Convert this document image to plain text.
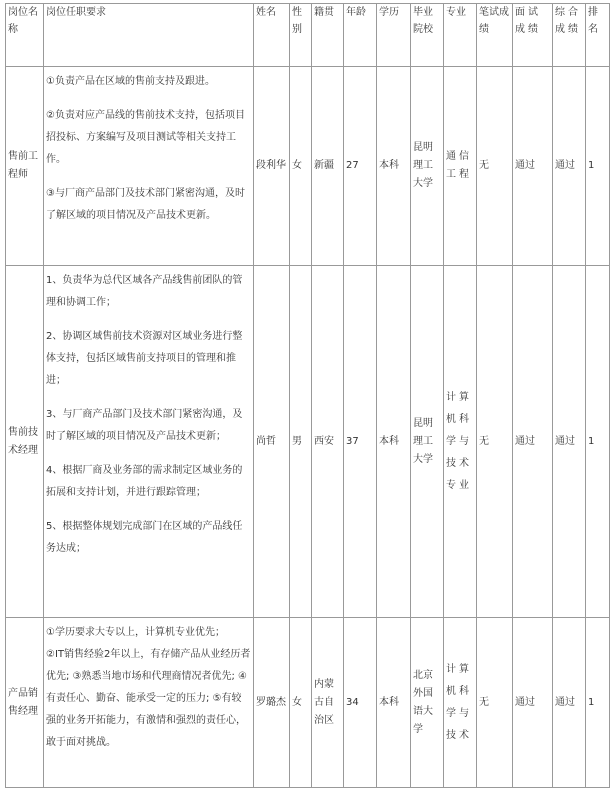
岗位名称	岗位任职要求	姓名	性别	籍贯	年龄	学历	毕业院校	专业	笔试成绩	面试成绩	综合成绩	排名
售前工程师	①负责产品在区域的售前支持及跟进。

②负责对应产品线的售前技术支持，包括项目招投标、方案编写及项目测试等相关支持工作。

③与厂商产品部门及技术部门紧密沟通，及时了解区域的项目情况及产品技术更新。	段利华	女	新疆	27	本科	昆明理工大学	通信工程	无	通过	通过	1
售前技术经理	1、负责华为总代区域各产品线售前团队的管理和协调工作；

2、协调区域售前技术资源对区域业务进行整体支持，包括区域售前支持项目的管理和推进；

3、与厂商产品部门及技术部门紧密沟通，及时了解区域的项目情况及产品技术更新；

4、根据厂商及业务部的需求制定区域业务的拓展和支持计划，并进行跟踪管理；

5、根据整体规划完成部门在区域的产品线任务达成；	尚哲	男	西安	37	本科	昆明理工大学	计算机科学与技术专业	无	通过	通过	1
产品销售经理	①学历要求大专以上，计算机专业优先；

②IT销售经验2年以上，有存储产品从业经历者优先; ③熟悉当地市场和代理商情况者优先; ④有责任心、勤奋、能承受一定的压力; ⑤有较强的业务开拓能力，有激情和强烈的责任心，敢于面对挑战。	罗璐杰	女	内蒙古自治区	34	本科	北京外国语大学	计算机科学与技术	无	通过	通过	1
